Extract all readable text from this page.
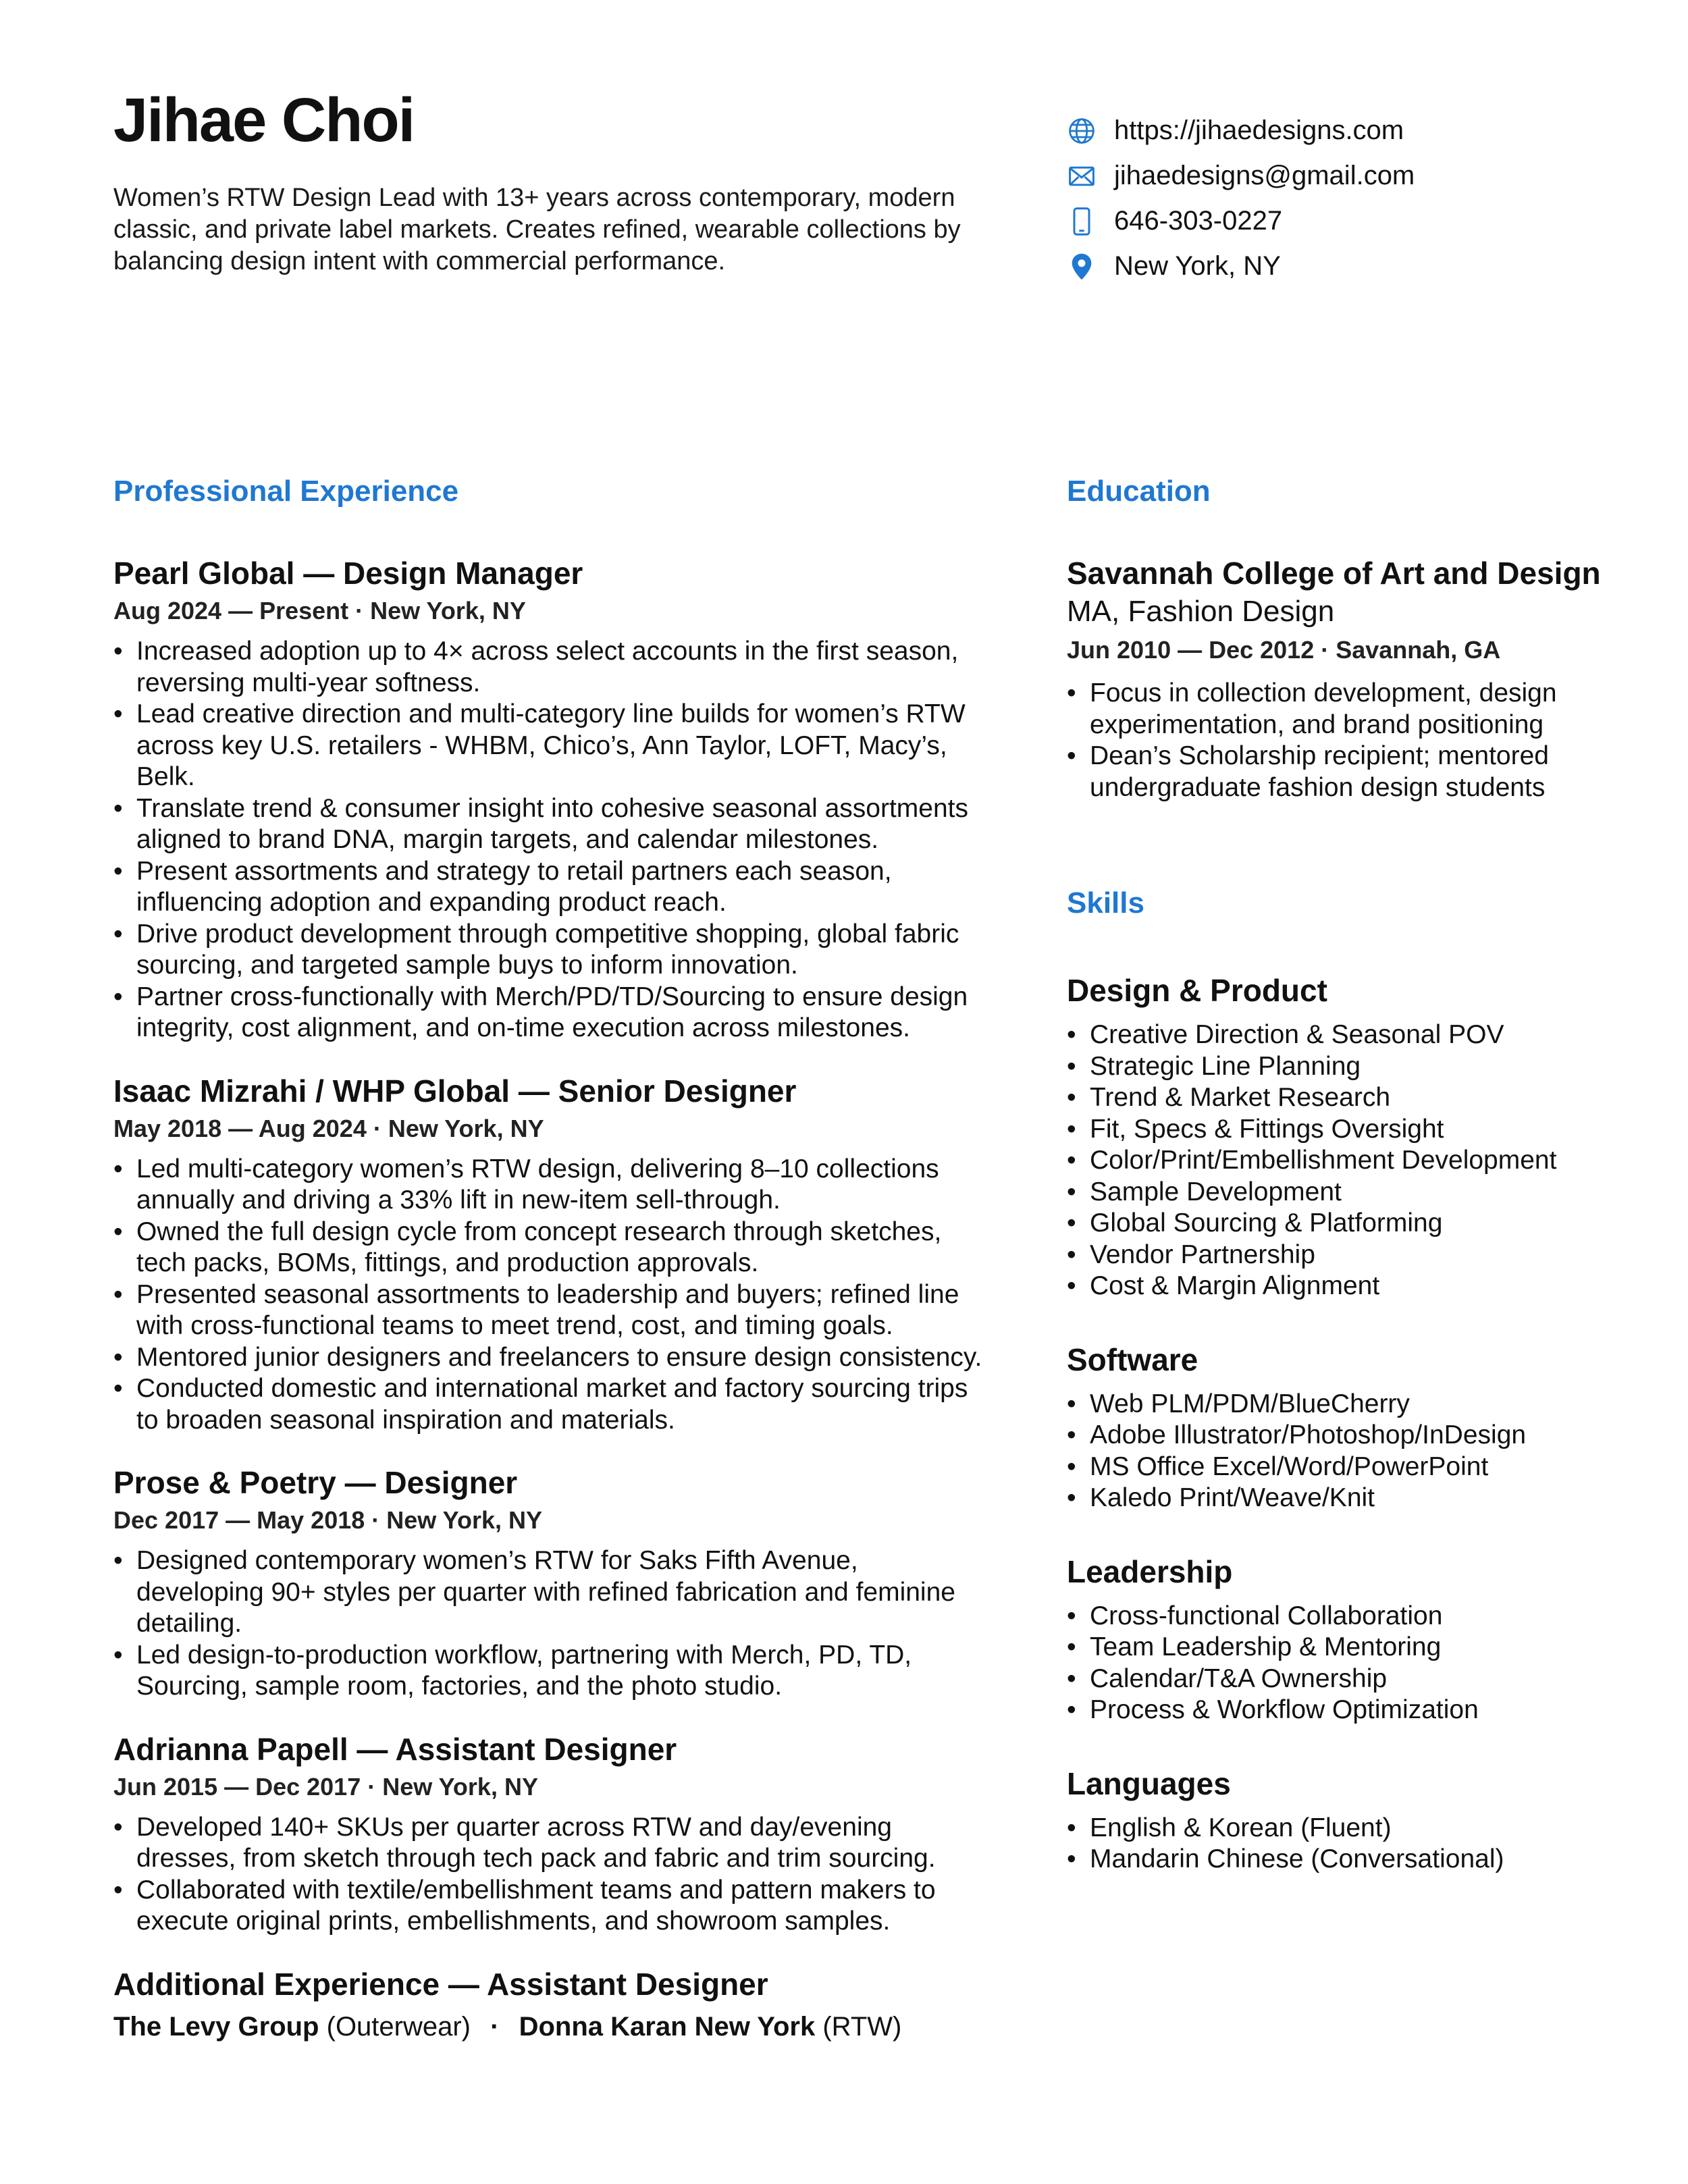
Jihae Choi

Women’s RTW Design Lead with 13+ years across contemporary, modern classic, and private label markets. Creates refined, wearable collections by balancing design intent with commercial performance.

https://jihaedesigns.com
jihaedesigns@gmail.com
646-303-0227
New York, NY
Professional Experience	Education
Skills
Pearl Global — Design Manager
Aug 2024 — Present · New York, NY
• Increased adoption up to 4× across select accounts in the first season, reversing multi-year softness.
• Lead creative direction and multi-category line builds for women’s RTW across key U.S. retailers - WHBM, Chico’s, Ann Taylor, LOFT, Macy’s, Belk.
• Translate trend & consumer insight into cohesive seasonal assortments aligned to brand DNA, margin targets, and calendar milestones.
• Present assortments and strategy to retail partners each season, influencing adoption and expanding product reach.
• Drive product development through competitive shopping, global fabric sourcing, and targeted sample buys to inform innovation.
• Partner cross-functionally with Merch/PD/TD/Sourcing to ensure design integrity, cost alignment, and on-time execution across milestones.
Isaac Mizrahi / WHP Global — Senior Designer
May 2018 — Aug 2024 · New York, NY
• Led multi-category women’s RTW design, delivering 8–10 collections annually and driving a 33% lift in new-item sell-through.
• Owned the full design cycle from concept research through sketches, tech packs, BOMs, fittings, and production approvals.
• Presented seasonal assortments to leadership and buyers; refined line with cross-functional teams to meet trend, cost, and timing goals.
• Mentored junior designers and freelancers to ensure design consistency.
• Conducted domestic and international market and factory sourcing trips to broaden seasonal inspiration and materials.
Prose & Poetry — Designer
Dec 2017 — May 2018 · New York, NY
• Designed contemporary women’s RTW for Saks Fifth Avenue, developing 90+ styles per quarter with refined fabrication and feminine detailing.
• Led design-to-production workflow, partnering with Merch, PD, TD, Sourcing, sample room, factories, and the photo studio.
Adrianna Papell — Assistant Designer
Jun 2015 — Dec 2017 · New York, NY
• Developed 140+ SKUs per quarter across RTW and day/evening dresses, from sketch through tech pack and fabric and trim sourcing.
• Collaborated with textile/embellishment teams and pattern makers to execute original prints, embellishments, and showroom samples.
Additional Experience — Assistant Designer
The Levy Group (Outerwear) · Donna Karan New York (RTW)
Savannah College of Art and Design
MA, Fashion Design
Jun 2010 — Dec 2012 · Savannah, GA
• Focus in collection development, design experimentation, and brand positioning
• Dean’s Scholarship recipient; mentored undergraduate fashion design students
Design & Product
• Creative Direction & Seasonal POV
• Strategic Line Planning
• Trend & Market Research
• Fit, Specs & Fittings Oversight
• Color/Print/Embellishment Development
• Sample Development
• Global Sourcing & Platforming
• Vendor Partnership
• Cost & Margin Alignment
Software
• Web PLM/PDM/BlueCherry
• Adobe Illustrator/Photoshop/InDesign
• MS Office Excel/Word/PowerPoint
• Kaledo Print/Weave/Knit
Leadership
• Cross-functional Collaboration
• Team Leadership & Mentoring
• Calendar/T&A Ownership
• Process & Workflow Optimization
Languages
• English & Korean (Fluent)
• Mandarin Chinese (Conversational)
